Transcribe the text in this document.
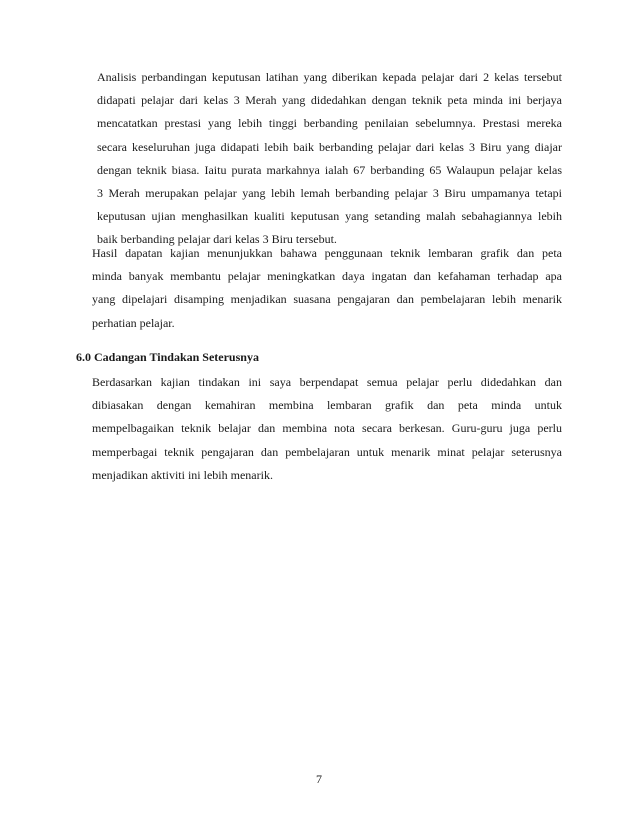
Analisis perbandingan keputusan latihan yang diberikan kepada pelajar dari 2 kelas tersebut
didapati pelajar dari kelas 3 Merah yang didedahkan dengan teknik peta minda ini berjaya
mencatatkan prestasi yang lebih tinggi berbanding penilaian sebelumnya. Prestasi mereka
secara keseluruhan juga didapati lebih baik berbanding pelajar dari kelas 3 Biru yang diajar
dengan teknik biasa. Iaitu purata markahnya ialah 67 berbanding 65 Walaupun pelajar kelas
3 Merah merupakan pelajar yang lebih lemah berbanding pelajar 3 Biru umpamanya tetapi
keputusan ujian menghasilkan kualiti keputusan yang setanding malah sebahagiannya lebih
baik berbanding pelajar dari kelas 3 Biru tersebut.
Hasil dapatan kajian menunjukkan bahawa penggunaan teknik lembaran grafik dan peta
minda banyak membantu pelajar meningkatkan daya ingatan dan kefahaman terhadap apa
yang dipelajari disamping menjadikan suasana pengajaran dan pembelajaran lebih menarik
perhatian pelajar.
6.0 Cadangan Tindakan Seterusnya
Berdasarkan kajian tindakan ini saya berpendapat semua pelajar perlu didedahkan dan
dibiasakan dengan kemahiran membina lembaran grafik dan peta minda untuk
mempelbagaikan teknik belajar dan membina nota secara berkesan. Guru-guru juga perlu
memperbagai teknik pengajaran dan pembelajaran untuk menarik minat pelajar seterusnya
menjadikan aktiviti ini lebih menarik.
7
